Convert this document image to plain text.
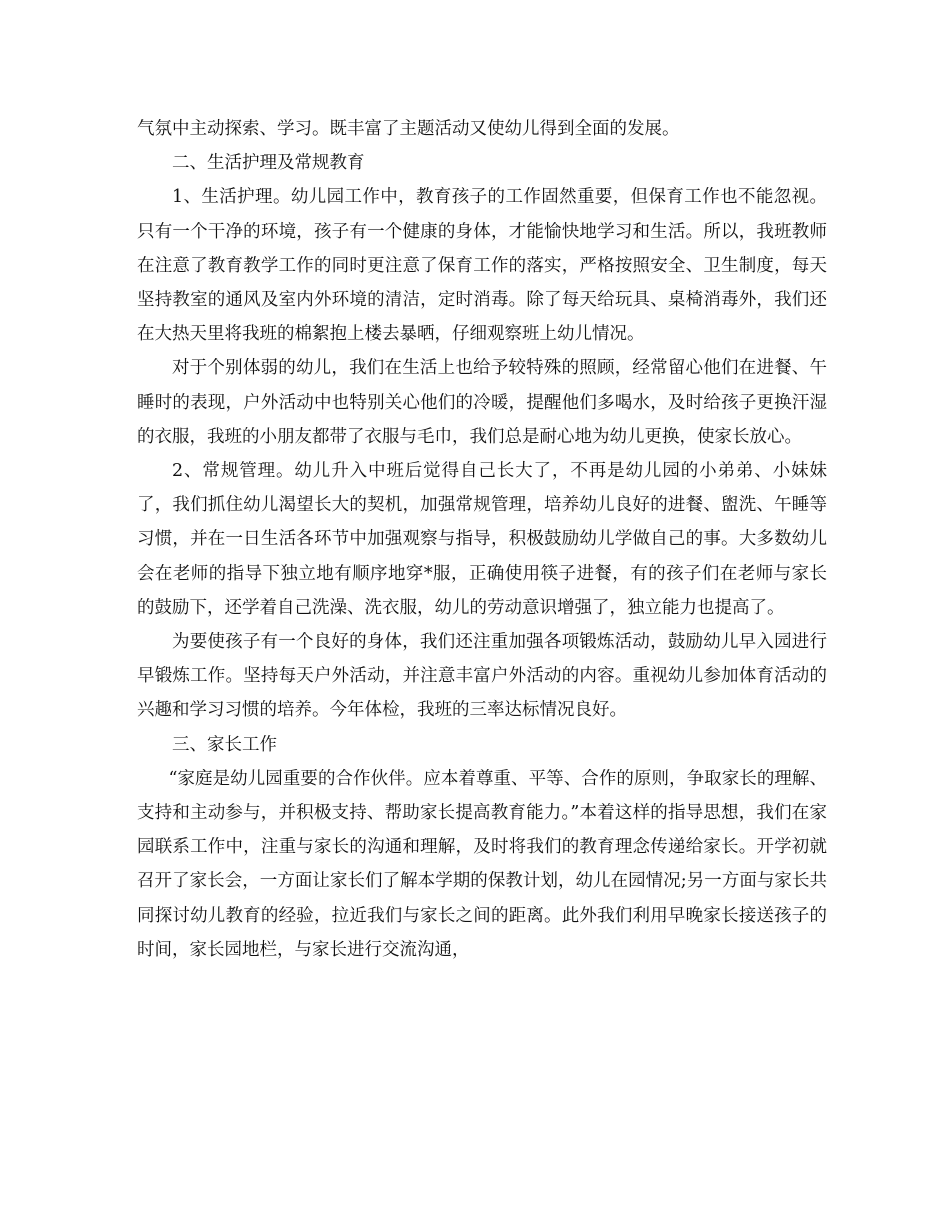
气氛中主动探索、学习。既丰富了主题活动又使幼儿得到全面的发展。

二、生活护理及常规教育

1、生活护理。幼儿园工作中，教育孩子的工作固然重要，但保育工作也不能忽视。只有一个干净的环境，孩子有一个健康的身体，才能愉快地学习和生活。所以，我班教师在注意了教育教学工作的同时更注意了保育工作的落实，严格按照安全、卫生制度，每天坚持教室的通风及室内外环境的清洁，定时消毒。除了每天给玩具、桌椅消毒外，我们还在大热天里将我班的棉絮抱上楼去暴晒，仔细观察班上幼儿情况。

对于个别体弱的幼儿，我们在生活上也给予较特殊的照顾，经常留心他们在进餐、午睡时的表现，户外活动中也特别关心他们的冷暖，提醒他们多喝水，及时给孩子更换汗湿的衣服，我班的小朋友都带了衣服与毛巾，我们总是耐心地为幼儿更换，使家长放心。

2、常规管理。幼儿升入中班后觉得自己长大了，不再是幼儿园的小弟弟、小妹妹了，我们抓住幼儿渴望长大的契机，加强常规管理，培养幼儿良好的进餐、盥洗、午睡等习惯，并在一日生活各环节中加强观察与指导，积极鼓励幼儿学做自己的事。大多数幼儿会在老师的指导下独立地有顺序地穿*服，正确使用筷子进餐，有的孩子们在老师与家长的鼓励下，还学着自己洗澡、洗衣服，幼儿的劳动意识增强了，独立能力也提高了。

为要使孩子有一个良好的身体，我们还注重加强各项锻炼活动，鼓励幼儿早入园进行早锻炼工作。坚持每天户外活动，并注意丰富户外活动的内容。重视幼儿参加体育活动的兴趣和学习习惯的培养。今年体检，我班的三率达标情况良好。

三、家长工作

“家庭是幼儿园重要的合作伙伴。应本着尊重、平等、合作的原则，争取家长的理解、支持和主动参与，并积极支持、帮助家长提高教育能力。”本着这样的指导思想，我们在家园联系工作中，注重与家长的沟通和理解，及时将我们的教育理念传递给家长。开学初就召开了家长会，一方面让家长们了解本学期的保教计划，幼儿在园情况;另一方面与家长共同探讨幼儿教育的经验，拉近我们与家长之间的距离。此外我们利用早晚家长接送孩子的时间，家长园地栏，与家长进行交流沟通，
